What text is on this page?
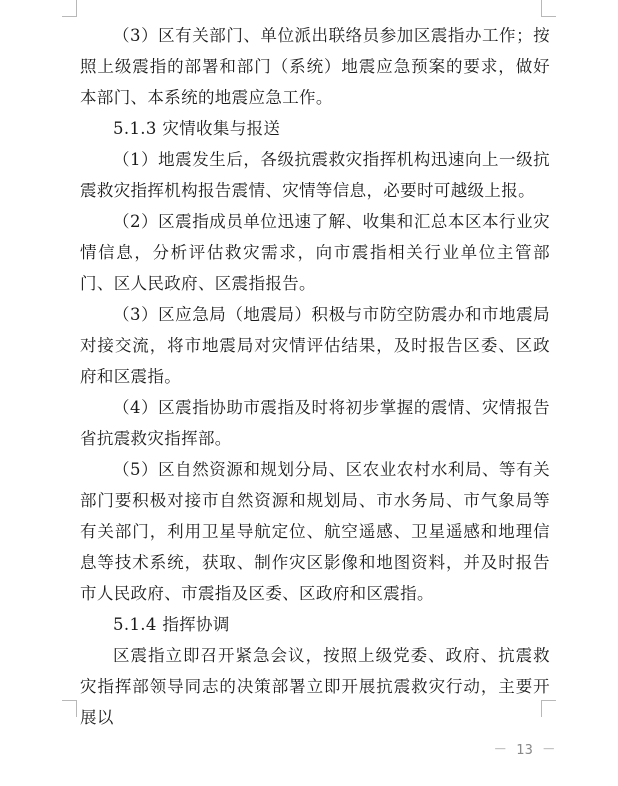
（3）区有关部门、单位派出联络员参加区震指办工作；按照上级震指的部署和部门（系统）地震应急预案的要求，做好本部门、本系统的地震应急工作。

5.1.3 灾情收集与报送

（1）地震发生后，各级抗震救灾指挥机构迅速向上一级抗震救灾指挥机构报告震情、灾情等信息，必要时可越级上报。

（2）区震指成员单位迅速了解、收集和汇总本区本行业灾情信息，分析评估救灾需求，向市震指相关行业单位主管部门、区人民政府、区震指报告。

（3）区应急局（地震局）积极与市防空防震办和市地震局对接交流，将市地震局对灾情评估结果，及时报告区委、区政府和区震指。

（4）区震指协助市震指及时将初步掌握的震情、灾情报告省抗震救灾指挥部。

（5）区自然资源和规划分局、区农业农村水利局、等有关部门要积极对接市自然资源和规划局、市水务局、市气象局等有关部门，利用卫星导航定位、航空遥感、卫星遥感和地理信息等技术系统，获取、制作灾区影像和地图资料，并及时报告市人民政府、市震指及区委、区政府和区震指。

5.1.4 指挥协调

区震指立即召开紧急会议，按照上级党委、政府、抗震救灾指挥部领导同志的决策部署立即开展抗震救灾行动，主要开展以

－ 13 －
